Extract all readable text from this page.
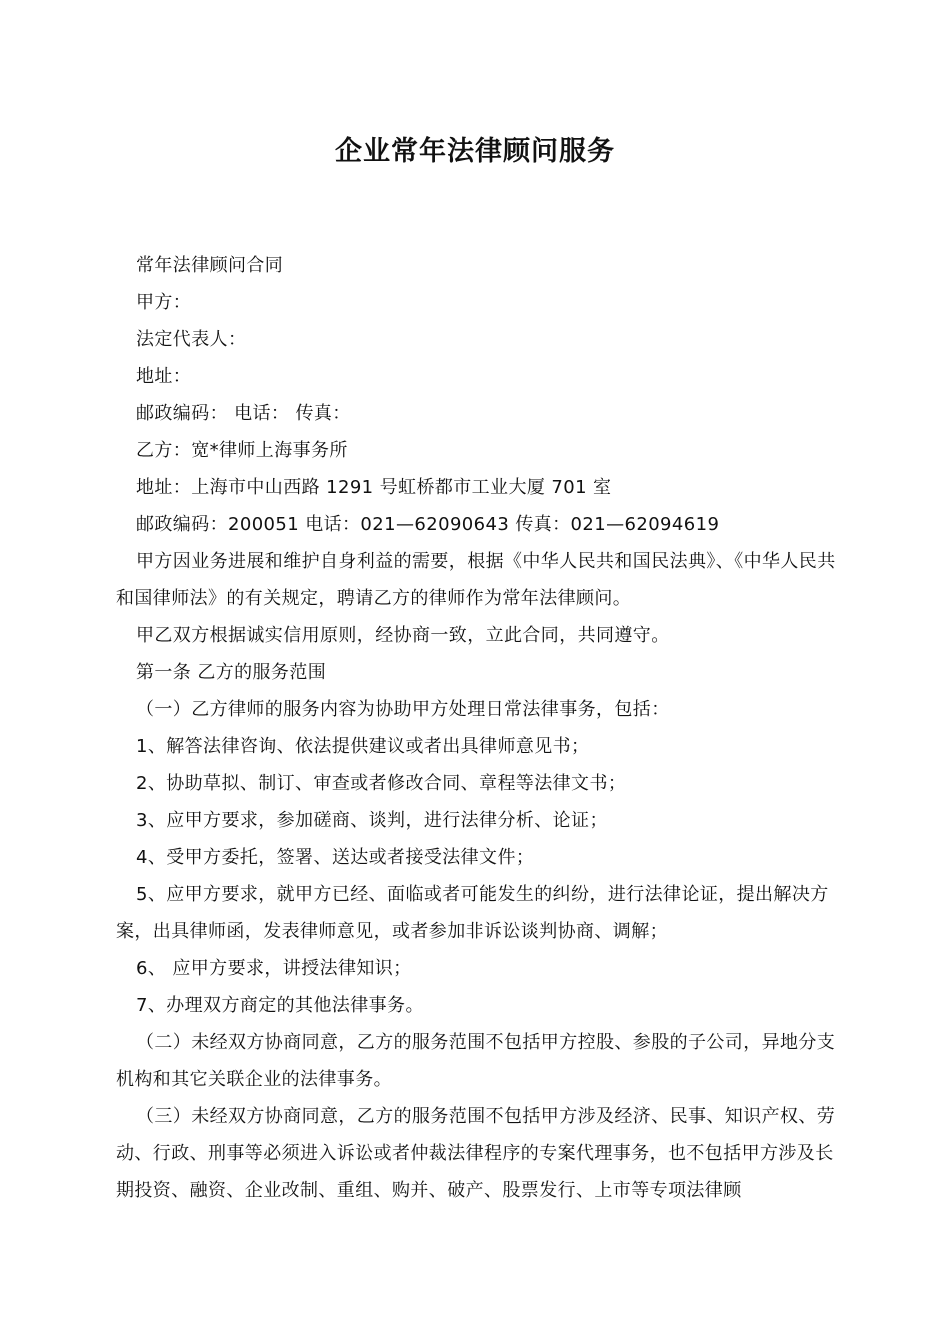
企业常年法律顾问服务

常年法律顾问合同

甲方：

法定代表人：

地址：

邮政编码： 电话： 传真：

乙方：宽*律师上海事务所

地址：上海市中山西路 1291 号虹桥都市工业大厦 701 室

邮政编码：200051 电话：021—62090643 传真：021—62094619

甲方因业务进展和维护自身利益的需要，根据《中华人民共和国民法典》、《中华人民共和国律师法》的有关规定，聘请乙方的律师作为常年法律顾问。

甲乙双方根据诚实信用原则，经协商一致，立此合同，共同遵守。

第一条 乙方的服务范围

（一）乙方律师的服务内容为协助甲方处理日常法律事务，包括：

1、解答法律咨询、依法提供建议或者出具律师意见书；

2、协助草拟、制订、审查或者修改合同、章程等法律文书；

3、应甲方要求，参加磋商、谈判，进行法律分析、论证；

4、受甲方委托，签署、送达或者接受法律文件；

5、应甲方要求，就甲方已经、面临或者可能发生的纠纷，进行法律论证，提出解决方案，出具律师函，发表律师意见，或者参加非诉讼谈判协商、调解；

6、 应甲方要求，讲授法律知识；

7、办理双方商定的其他法律事务。

（二）未经双方协商同意，乙方的服务范围不包括甲方控股、参股的子公司，异地分支机构和其它关联企业的法律事务。

（三）未经双方协商同意，乙方的服务范围不包括甲方涉及经济、民事、知识产权、劳动、行政、刑事等必须进入诉讼或者仲裁法律程序的专案代理事务，也不包括甲方涉及长期投资、融资、企业改制、重组、购并、破产、股票发行、上市等专项法律顾
